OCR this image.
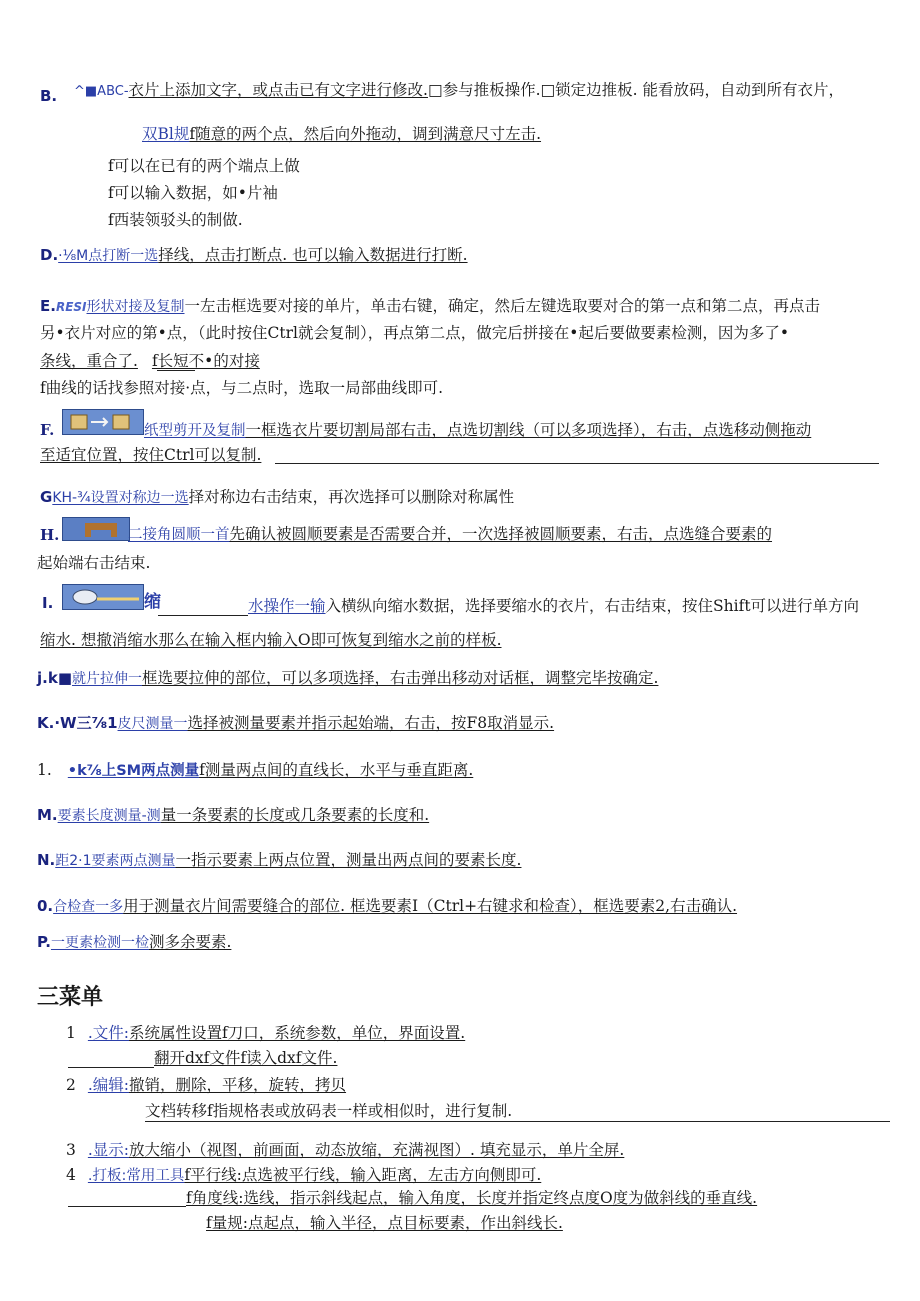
B. ^■ABC-衣片上添加文字，或点击已有文字进行修改.□参与推板操作.□锁定边推板. 能看放码，自动到所有衣片，
双Bl规f随意的两个点，然后向外拖动，调到满意尺寸左击.
f可以在已有的两个端点上做
f可以输入数据，如•片袖
f西装领驳头的制做.
D.·⅛M点打断一选择线，点击打断点. 也可以输入数据进行打断.
E.RESI形状对接及复制一左击框选要对接的单片，单击右键，确定，然后左键选取要对合的第一点和第二点，再点击
另•衣片对应的第•点，（此时按住Ctrl就会复制），再点第二点，做完后拼接在•起后要做要素检测，因为多了•
条线，重合了. f长短不•的对接
f曲线的话找参照对接·点，与二点时，选取一局部曲线即可.
F.	纸型剪开及复制一框选衣片要切割局部右击，点选切割线（可以多项选择），右击，点选移动侧拖动
至适宜位置，按住Ctrl可以复制.
GKH-¾设置对称边一选择对称边右击结束，再次选择可以删除对称属性
H.	二接角圆顺一首先确认被圆顺要素是否需要合并，一次选择被圆顺要素，右击，点选缝合要素的
起始端右击结束.
I.	缩	水操作一输入横纵向缩水数据，选择要缩水的衣片，右击结束，按住Shift可以进行单方向
缩水. 想撤消缩水那么在输入框内输入O即可恢复到缩水之前的样板.
j.k■就片拉伸一框选要拉伸的部位，可以多项选择，右击弹出移动对话框，调整完毕按确定.
K.·W三⅞1皮尺测量一选择被测量要素并指示起始端，右击，按F8取消显示.
1. •k⅞上SM两点测量f测量两点间的直线长，水平与垂直距离.
M.要素长度测量-测量一条要素的长度或几条要素的长度和.
N.距2·1要素两点测量一指示要素上两点位置，测量出两点间的要素长度.
0.合检查一多用于测量衣片间需要缝合的部位. 框选要素I（Ctrl+右键求和检查），框选要素2,右击确认.
P.一更素检测一检测多余要素.
三菜单
1 .文件:系统属性设置f刀口，系统参数，单位，界面设置.
翻开dxf文件f读入dxf文件.
2 .编辑:撤销，删除，平移，旋转，拷贝
文档转移f指规格表或放码表一样或相似时，进行复制.
3 .显示:放大缩小（视图，前画面，动态放缩，充满视图）. 填充显示，单片全屏.
4 .打板:常用工具f平行线:点选被平行线，输入距离，左击方向侧即可.
f角度线:选线，指示斜线起点，输入角度，长度并指定终点度O度为做斜线的垂直线.
f量规:点起点，输入半径，点目标要素，作出斜线长.
